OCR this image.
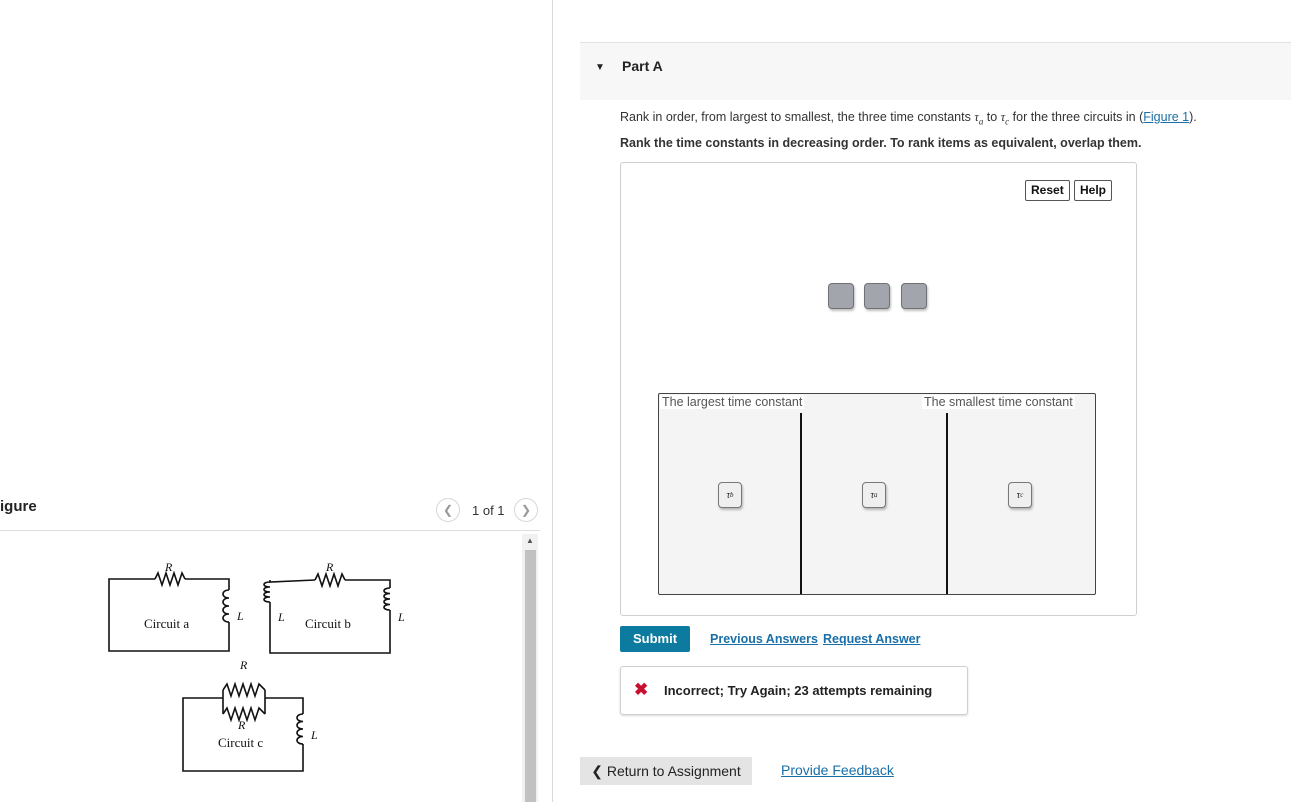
igure	❮	1 of 1	❯
Circuit a	Circuit b
Circuit c
R
L
R
L	L
R
R
L
▲
▼ Part A
Rank in order, from largest to smallest, the three time constants $\tau_a$ to $\tau_c$ for the three circuits in (Figure 1).
Rank the time constants in decreasing order. To rank items as equivalent, overlap them.
Reset	Help
The largest time constant	The smallest time constant
τ b	τ a	τ c
Submit	Previous Answers Request Answer
✖ Incorrect; Try Again; 23 attempts remaining
❮ Return to Assignment	Provide Feedback
